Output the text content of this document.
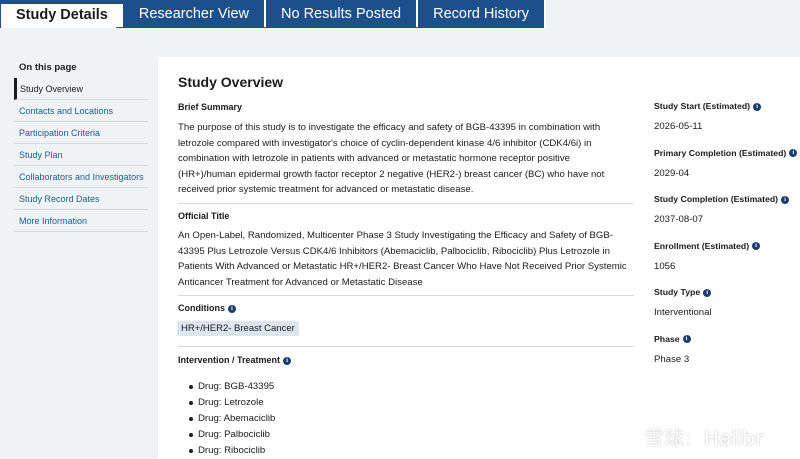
Study Details	Researcher View	No Results Posted	Record History
On this page
Study Overview
Contacts and Locations
Participation Criteria
Study Plan
Collaborators and Investigators
Study Record Dates
More Information
Study Overview
Brief Summary
The purpose of this study is to investigate the efficacy and safety of BGB-43395 in combination with
letrozole compared with investigator's choice of cyclin-dependent kinase 4/6 inhibitor (CDK4/6i) in
combination with letrozole in patients with advanced or metastatic hormone receptor positive
(HR+)/human epidermal growth factor receptor 2 negative (HER2-) breast cancer (BC) who have not
received prior systemic treatment for advanced or metastatic disease.
Official Title
An Open-Label, Randomized, Multicenter Phase 3 Study Investigating the Efficacy and Safety of BGB-
43395 Plus Letrozole Versus CDK4/6 Inhibitors (Abemaciclib, Palbociclib, Ribociclib) Plus Letrozole in
Patients With Advanced or Metastatic HR+/HER2- Breast Cancer Who Have Not Received Prior Systemic
Anticancer Treatment for Advanced or Metastatic Disease
Conditions i
HR+/HER2- Breast Cancer
Intervention / Treatment i
Drug: BGB-43395
Drug: Letrozole
Drug: Abemaciclib
Drug: Palbociclib
Drug: Ribociclib
Study Start (Estimated) i
2026-05-11
Primary Completion (Estimated) i
2029-04
Study Completion (Estimated) i
2037-08-07
Enrollment (Estimated) i
1056
Study Type i
Interventional
Phase i
Phase 3
雪球：Halibr
